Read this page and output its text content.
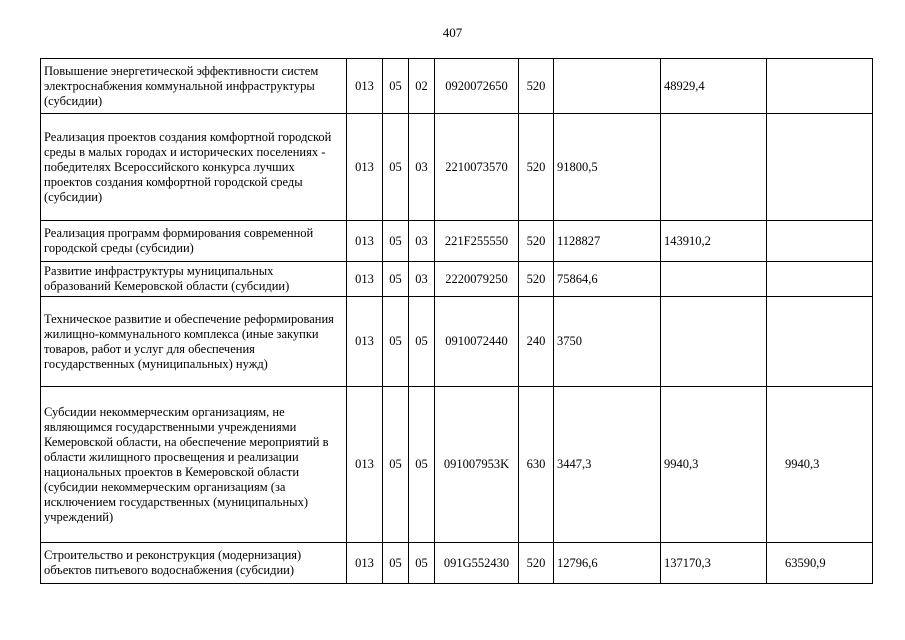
407
Повышение энергетической эффективности систем электроснабжения коммунальной инфраструктуры (субсидии)	013	05	02	0920072650	520		48929,4	
Реализация проектов создания комфортной городской среды в малых городах и исторических поселениях - победителях Всероссийского конкурса лучших проектов создания комфортной городской среды (субсидии)	013	05	03	2210073570	520	91800,5		
Реализация программ формирования современной городской среды (субсидии)	013	05	03	221F255550	520	1128827	143910,2	
Развитие инфраструктуры муниципальных образований Кемеровской области (субсидии)	013	05	03	2220079250	520	75864,6		
Техническое развитие и обеспечение реформирования жилищно-коммунального комплекса (иные закупки товаров, работ и услуг для обеспечения государственных (муниципальных) нужд)	013	05	05	0910072440	240	3750		
Субсидии некоммерческим организациям, не являющимся государственными учреждениями Кемеровской области, на обеспечение мероприятий в области жилищного просвещения и реализации национальных проектов в Кемеровской области (субсидии некоммерческим организациям (за исключением государственных (муниципальных) учреждений)	013	05	05	091007953K	630	3447,3	9940,3	9940,3
Строительство и реконструкция (модернизация) объектов питьевого водоснабжения (субсидии)	013	05	05	091G552430	520	12796,6	137170,3	63590,9
